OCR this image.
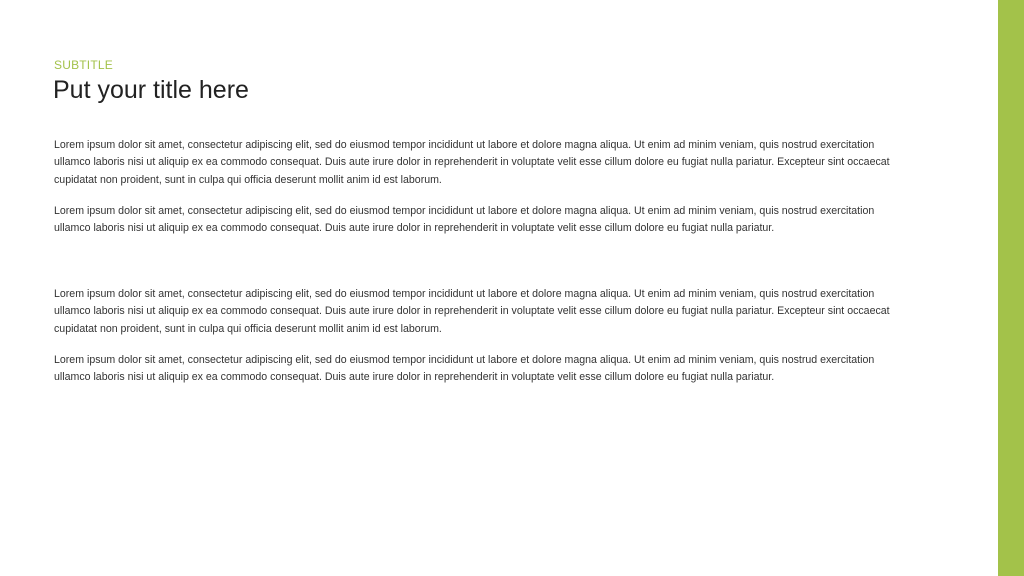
SUBTITLE
Put your title here

Lorem ipsum dolor sit amet, consectetur adipiscing elit, sed do eiusmod tempor incididunt ut labore et dolore magna aliqua. Ut enim ad minim veniam, quis nostrud exercitation ullamco laboris nisi ut aliquip ex ea commodo consequat. Duis aute irure dolor in reprehenderit in voluptate velit esse cillum dolore eu fugiat nulla pariatur. Excepteur sint occaecat cupidatat non proident, sunt in culpa qui officia deserunt mollit anim id est laborum.

Lorem ipsum dolor sit amet, consectetur adipiscing elit, sed do eiusmod tempor incididunt ut labore et dolore magna aliqua. Ut enim ad minim veniam, quis nostrud exercitation ullamco laboris nisi ut aliquip ex ea commodo consequat. Duis aute irure dolor in reprehenderit in voluptate velit esse cillum dolore eu fugiat nulla pariatur.

Lorem ipsum dolor sit amet, consectetur adipiscing elit, sed do eiusmod tempor incididunt ut labore et dolore magna aliqua. Ut enim ad minim veniam, quis nostrud exercitation ullamco laboris nisi ut aliquip ex ea commodo consequat. Duis aute irure dolor in reprehenderit in voluptate velit esse cillum dolore eu fugiat nulla pariatur. Excepteur sint occaecat cupidatat non proident, sunt in culpa qui officia deserunt mollit anim id est laborum.

Lorem ipsum dolor sit amet, consectetur adipiscing elit, sed do eiusmod tempor incididunt ut labore et dolore magna aliqua. Ut enim ad minim veniam, quis nostrud exercitation ullamco laboris nisi ut aliquip ex ea commodo consequat. Duis aute irure dolor in reprehenderit in voluptate velit esse cillum dolore eu fugiat nulla pariatur.
